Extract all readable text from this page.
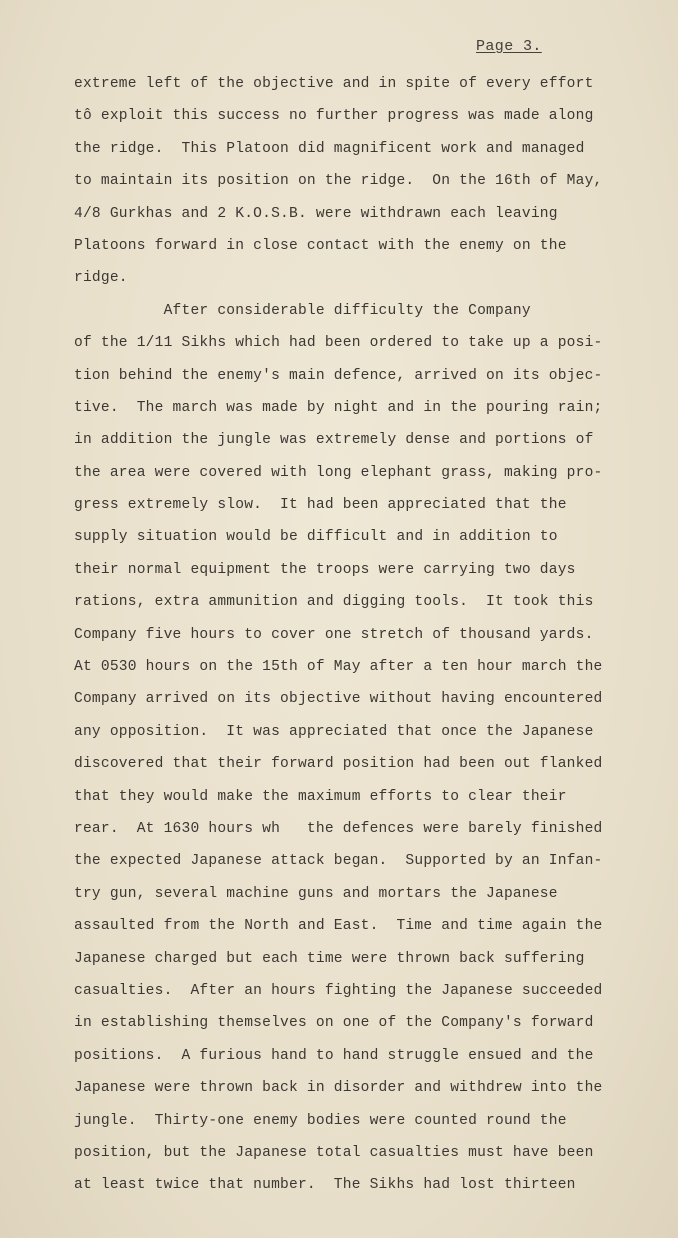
Page 3.
extreme left of the objective and in spite of every effort
tô exploit this success no further progress was made along
the ridge.  This Platoon did magnificent work and managed
to maintain its position on the ridge.  On the 16th of May,
4/8 Gurkhas and 2 K.O.S.B. were withdrawn each leaving
Platoons forward in close contact with the enemy on the
ridge.
After considerable difficulty the Company
of the 1/11 Sikhs which had been ordered to take up a posi-
tion behind the enemy's main defence, arrived on its objec-
tive.  The march was made by night and in the pouring rain;
in addition the jungle was extremely dense and portions of
the area were covered with long elephant grass, making pro-
gress extremely slow.  It had been appreciated that the
supply situation would be difficult and in addition to
their normal equipment the troops were carrying two days
rations, extra ammunition and digging tools.  It took this
Company five hours to cover one stretch of thousand yards.
At 0530 hours on the 15th of May after a ten hour march the
Company arrived on its objective without having encountered
any opposition.  It was appreciated that once the Japanese
discovered that their forward position had been out flanked
that they would make the maximum efforts to clear their
rear.  At 1630 hours wh   the defences were barely finished
the expected Japanese attack began.  Supported by an Infan-
try gun, several machine guns and mortars the Japanese
assaulted from the North and East.  Time and time again the
Japanese charged but each time were thrown back suffering
casualties.  After an hours fighting the Japanese succeeded
in establishing themselves on one of the Company's forward
positions.  A furious hand to hand struggle ensued and the
Japanese were thrown back in disorder and withdrew into the
jungle.  Thirty-one enemy bodies were counted round the
position, but the Japanese total casualties must have been
at least twice that number.  The Sikhs had lost thirteen
